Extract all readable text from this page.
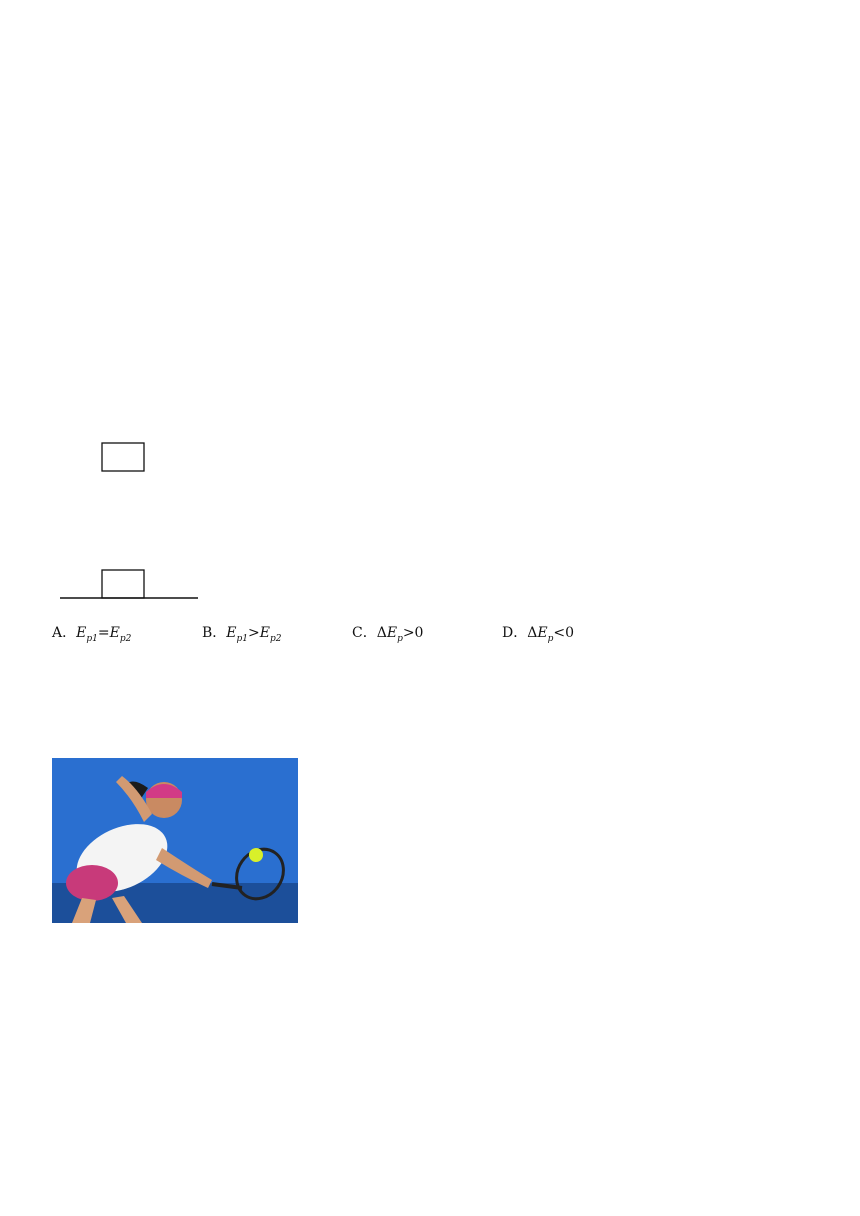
A．$E_{p1}=E_{p2}$	B．$E_{p1}>E_{p2}$	C．$\Delta E_p>0$	D．$\Delta E_p<0$
